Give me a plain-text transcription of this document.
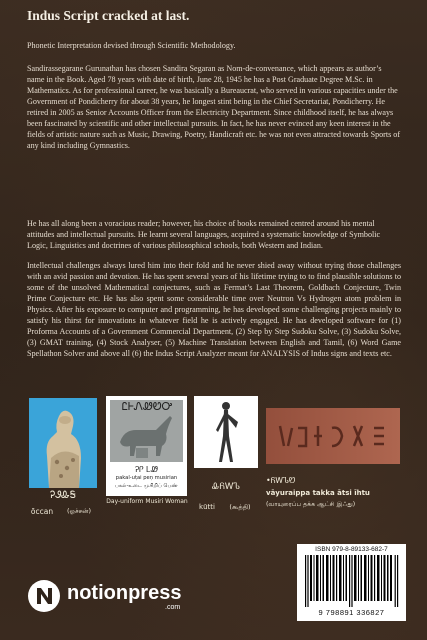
Indus Script cracked at last.

Phonetic Interpretation devised through Scientific Methodology.

Sandirassegarane Gurunathan has chosen Sandira Segaran as Nom-de-convenance, which appears as author’s name in the Book. Aged 78 years with date of birth, June 28, 1945 he has a Post Graduate Degree M.Sc. in Mathematics. As for professional career, he was basically a Bureaucrat, who served in various capacities under the Government of Pondicherry for about 38 years, he longest stint being in the Chief Secretariat, Pondicherry. He retired in 2005 as Senior Accounts Officer from the Electricity Department. Since childhood itself, he has always been fascinated by scientific and other intellectual pursuits. In fact, he has never evinced any keen interest in the fields of artistic nature such as Music, Drawing, Poetry, Handicraft etc. he was not even attracted towards Sports of any kind including Gymnastics.

He has all along been a voracious reader; however, his choice of books remained centred around his mental attitudes and intellectual pursuits. He learnt several languages, acquired a systematic knowledge of Symbolic Logic, Linguistics and doctrines of various philosophical schools, both Western and Indian.

Intellectual challenges always lured him into their fold and he never shied away without trying those challenges with an avid passion and devotion. He has spent several years of his lifetime trying to to find plausible solutions to some of the unsolved Mathematical conjectures, such as Fermat’s Last Theorem, Goldbach Conjecture, Twin Prime Conjecture etc. He has also spent some considerable time over Neutron Vs Hydrogen atom problem in Physics. After his exposure to computer and programming, he has developed some challenging projects mainly to satisfy his thirst for innovations in whatever field he is actively engaged. He has developed software for (1) Proforma Accounts of a Government Commercial Department, (2) Step by Step Sudoku Solve, (3) Sudoku Solve, (3) GMAT training, (4) Stock Analyser, (5) Machine Translation between English and Tamil, (6) Word Game Spellathon Solver and above all (6) the Indus Script Analyzer meant for ANALYSIS of Indus signs and texts etc.

ᎮᏭᎲᎦ
ōccan	(ஓச்சன்)
ᏝᎰᏁᏪᏬᎤ
ᎮᎵ ᏞᏪ
pakal-uṭai peṇ musirian
பகல்-உடை முசிறிப் பெண்
Day-uniform Musiri Woman
ᎲᏲᎳᏖ
kūtti	(கூத்தி)
•ᏲᎳᏖᏬ
vāyuraippa takka ātsi īhtu
(வாயுரைப்ப தக்க ஆட்சி இஃது)
ISBN 979-8-89133-682-7
9 798891 336827
notionpress
.com
